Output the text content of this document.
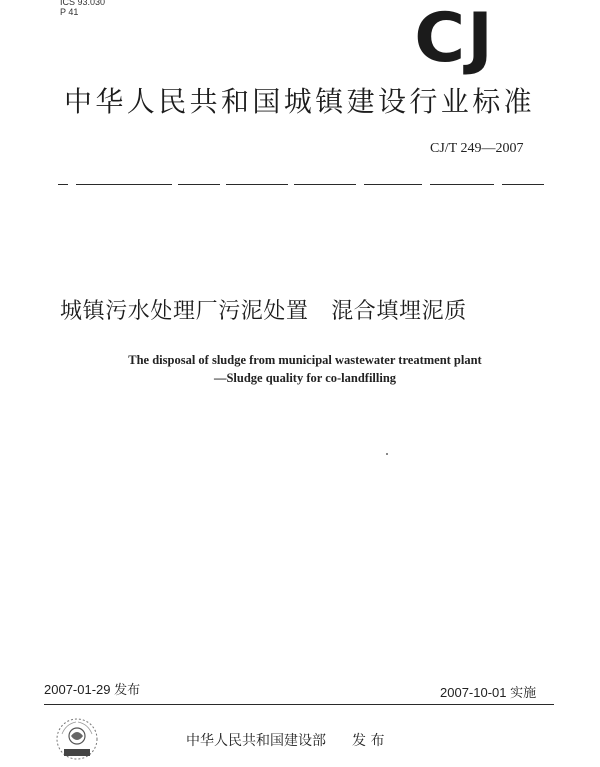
ICS 93.030
P 41	CJ
中华人民共和国城镇建设行业标准
CJ/T 249—2007
城镇污水处理厂污泥处置　混合填埋泥质
The disposal of sludge from municipal wastewater treatment plant
—Sludge quality for co-landfilling
2007-01-29 发布	2007-10-01 实施
中华人民共和国建设部 发 布
